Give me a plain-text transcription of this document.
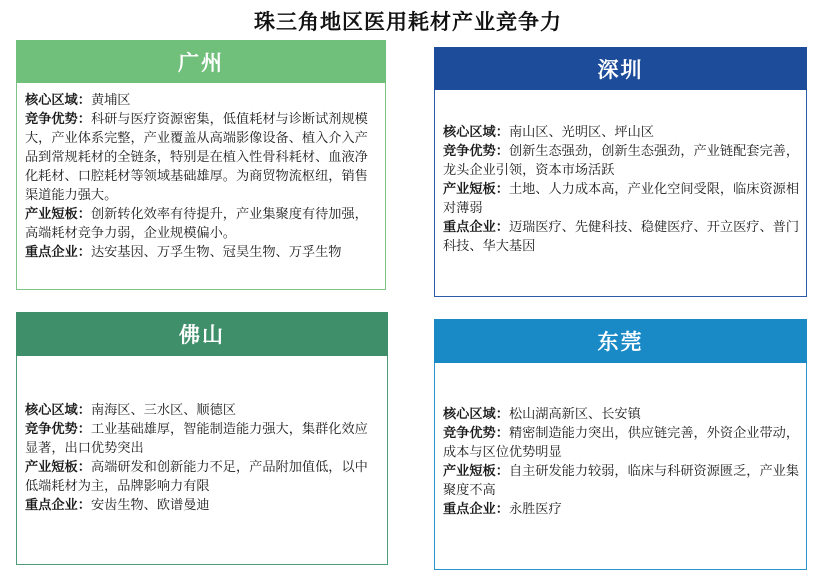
珠三角地区医用耗材产业竞争力
广州

核心区域：黄埔区

竞争优势：科研与医疗资源密集，低值耗材与诊断试剂规模大，产业体系完整，产业覆盖从高端影像设备、植入介入产品到常规耗材的全链条，特别是在植入性骨科耗材、血液净化耗材、口腔耗材等领域基础雄厚。为商贸物流枢纽，销售渠道能力强大。

产业短板：创新转化效率有待提升，产业集聚度有待加强，高端耗材竞争力弱，企业规模偏小。

重点企业：达安基因、万孚生物、冠昊生物、万孚生物

深圳

核心区域：南山区、光明区、坪山区

竞争优势：创新生态强劲，创新生态强劲，产业链配套完善，龙头企业引领，资本市场活跃

产业短板：土地、人力成本高，产业化空间受限，临床资源相对薄弱

重点企业：迈瑞医疗、先健科技、稳健医疗、开立医疗、普门科技、华大基因

佛山

核心区域：南海区、三水区、顺德区

竞争优势：工业基础雄厚，智能制造能力强大，集群化效应显著，出口优势突出

产业短板：高端研发和创新能力不足，产品附加值低，以中低端耗材为主，品牌影响力有限

重点企业：安齿生物、欧谱曼迪

东莞

核心区域：松山湖高新区、长安镇

竞争优势：精密制造能力突出，供应链完善，外资企业带动，成本与区位优势明显

产业短板：自主研发能力较弱，临床与科研资源匮乏，产业集聚度不高

重点企业：永胜医疗
